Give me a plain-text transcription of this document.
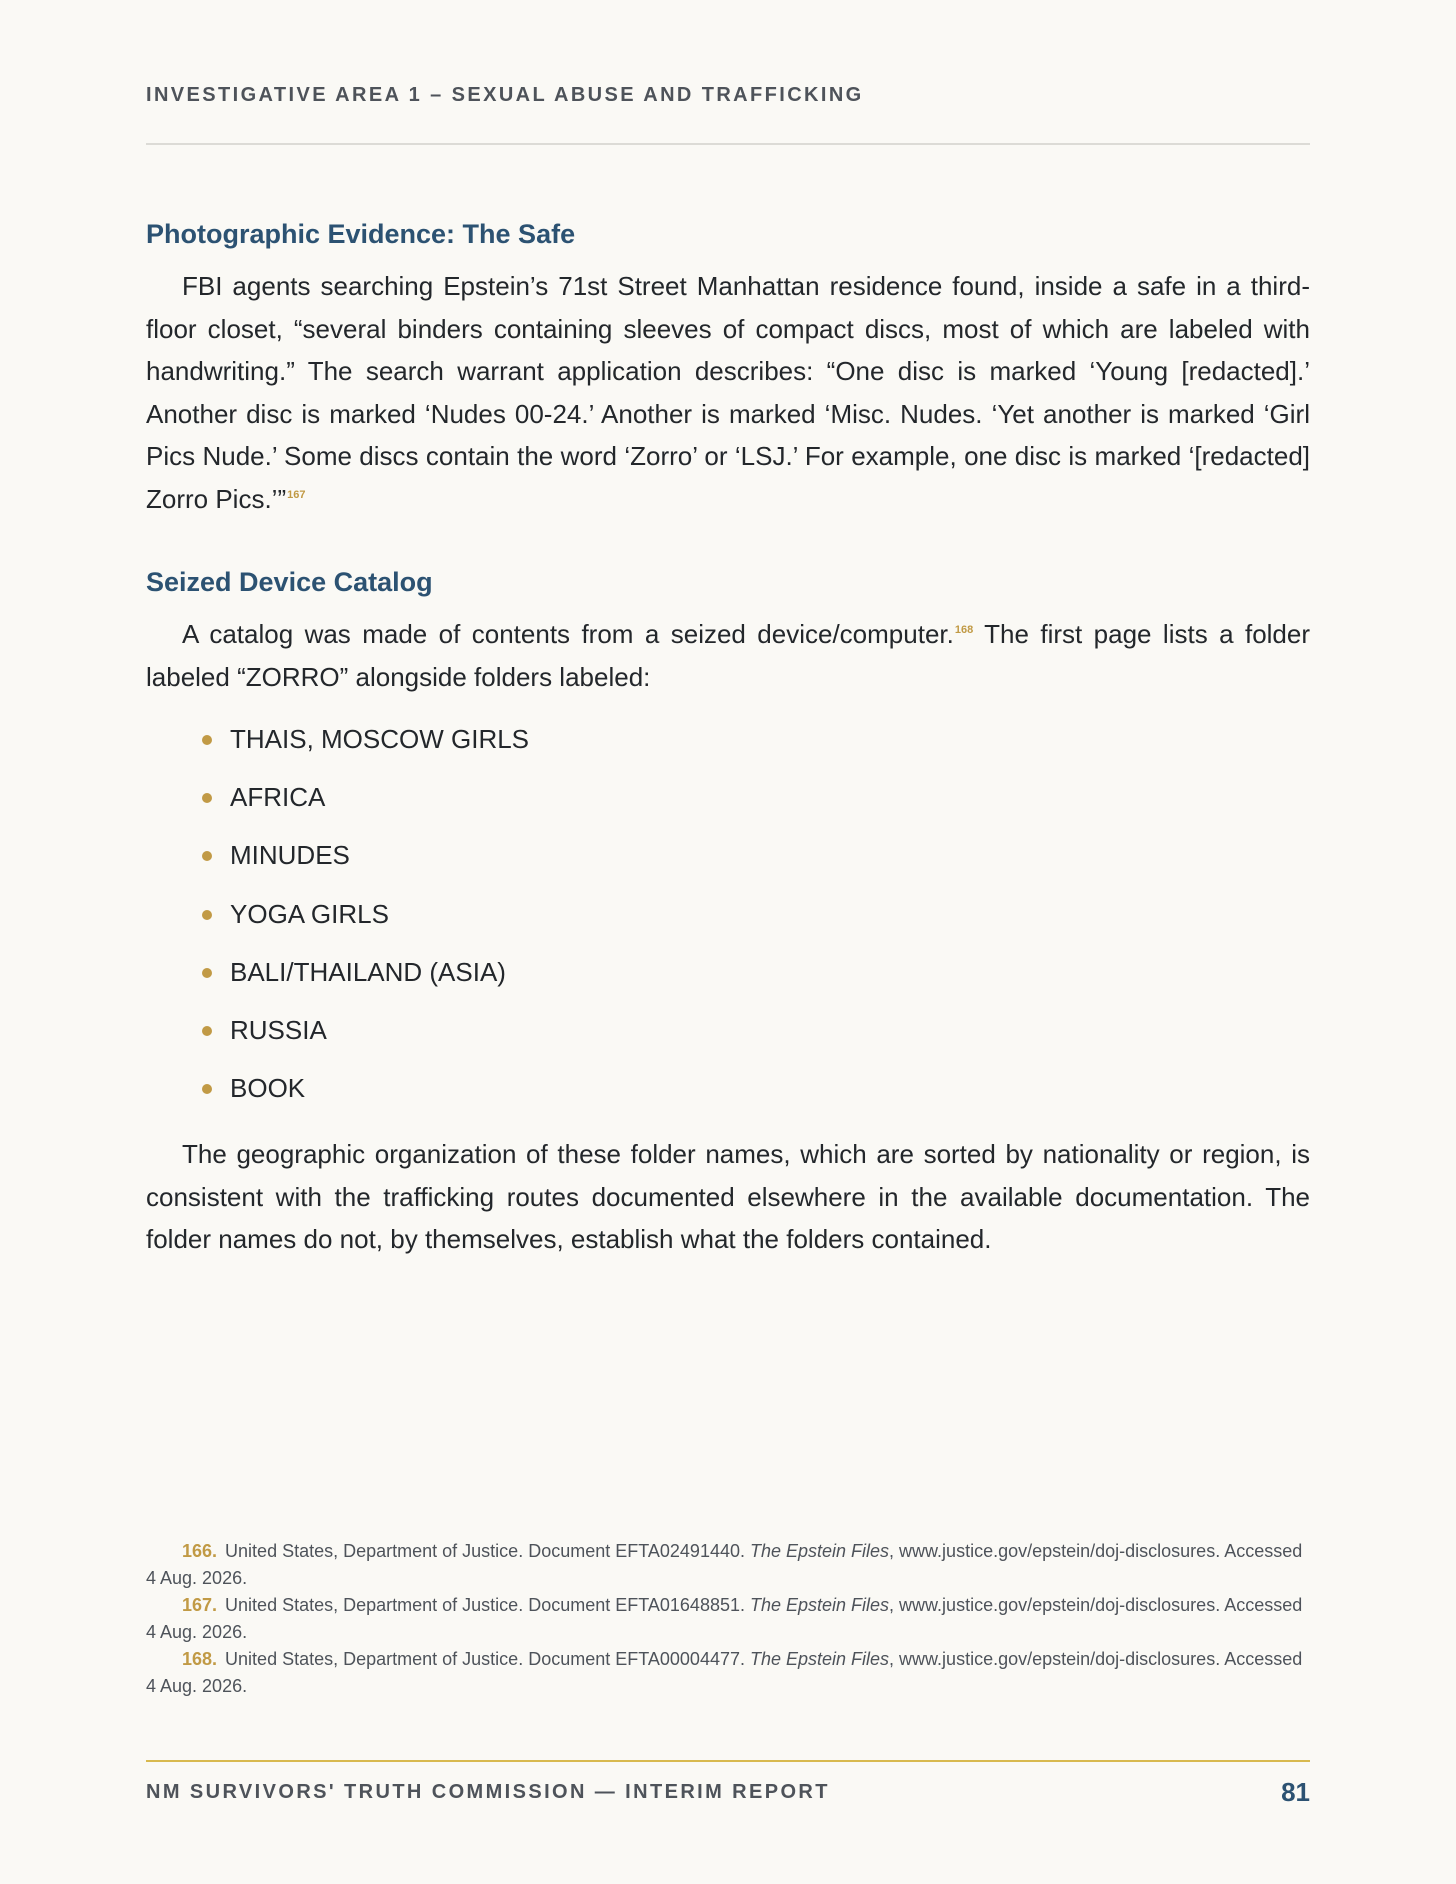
INVESTIGATIVE AREA 1 – SEXUAL ABUSE AND TRAFFICKING
Photographic Evidence: The Safe

FBI agents searching Epstein’s 71st Street Manhattan residence found, inside a safe in a third-floor closet, “several binders containing sleeves of compact discs, most of which are labeled with handwriting.” The search warrant application describes: “One disc is marked ‘Young [redacted].’ Another disc is marked ‘Nudes 00-24.’ Another is marked ‘Misc. Nudes. ‘Yet another is marked ‘Girl Pics Nude.’ Some discs contain the word ‘Zorro’ or ‘LSJ.’ For example, one disc is marked ‘[redacted] Zorro Pics.’”$^{167}$

Seized Device Catalog

A catalog was made of contents from a seized device/computer.$^{168}$ The first page lists a folder labeled “ZORRO” alongside folders labeled:

THAIS, MOSCOW GIRLS
AFRICA
MINUDES
YOGA GIRLS
BALI/THAILAND (ASIA)
RUSSIA
BOOK

The geographic organization of these folder names, which are sorted by nationality or region, is consistent with the trafficking routes documented elsewhere in the available documentation. The folder names do not, by themselves, establish what the folders contained.

166. United States, Department of Justice. Document EFTA02491440. The Epstein Files, www.justice.gov/epstein/doj-disclosures. Accessed 4 Aug. 2026.
167. United States, Department of Justice. Document EFTA01648851. The Epstein Files, www.justice.gov/epstein/doj-disclosures. Accessed 4 Aug. 2026.
168. United States, Department of Justice. Document EFTA00004477. The Epstein Files, www.justice.gov/epstein/doj-disclosures. Accessed 4 Aug. 2026.
NM SURVIVORS' TRUTH COMMISSION — INTERIM REPORT	81
